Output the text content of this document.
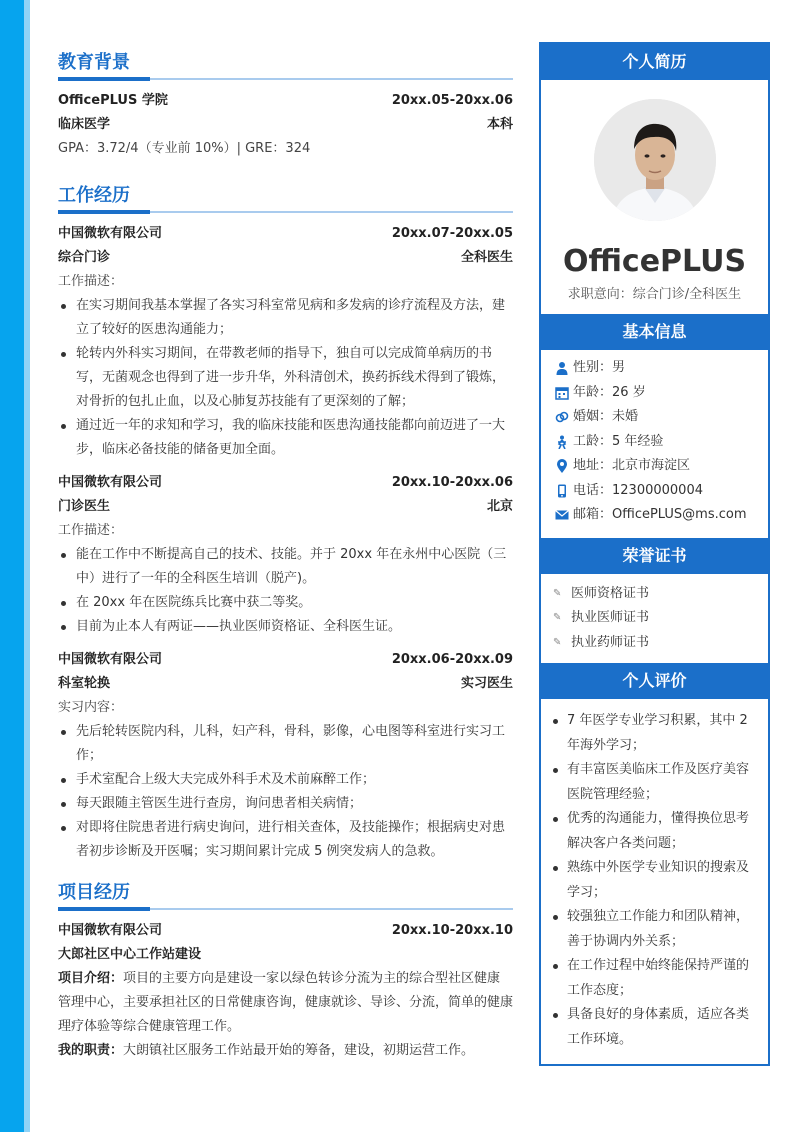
教育背景
OfficePLUS 学院	20xx.05-20xx.06
临床医学	本科
GPA：3.72/4（专业前 10%）| GRE：324
工作经历
中国微软有限公司	20xx.07-20xx.05
综合门诊	全科医生
工作描述：
在实习期间我基本掌握了各实习科室常见病和多发病的诊疗流程及方法，建立了较好的医患沟通能力；
轮转内外科实习期间，在带教老师的指导下，独自可以完成简单病历的书写，无菌观念也得到了进一步升华，外科清创术，换药拆线术得到了锻炼，对骨折的包扎止血，以及心肺复苏技能有了更深刻的了解；
通过近一年的求知和学习，我的临床技能和医患沟通技能都向前迈进了一大步，临床必备技能的储备更加全面。
中国微软有限公司	20xx.10-20xx.06
门诊医生	北京
工作描述：
能在工作中不断提高自己的技术、技能。并于 20xx 年在永州中心医院（三中）进行了一年的全科医生培训（脱产)。
在 20xx 年在医院练兵比赛中获二等奖。
目前为止本人有两证——执业医师资格证、全科医生证。
中国微软有限公司	20xx.06-20xx.09
科室轮换	实习医生
实习内容：
先后轮转医院内科，儿科，妇产科，骨科，影像，心电图等科室进行实习工作；
手术室配合上级大夫完成外科手术及术前麻醉工作；
每天跟随主管医生进行查房，询问患者相关病情；
对即将住院患者进行病史询问，进行相关查体，及技能操作；根据病史对患者初步诊断及开医嘱；实习期间累计完成 5 例突发病人的急救。
项目经历
中国微软有限公司	20xx.10-20xx.10
大郎社区中心工作站建设
项目介绍：项目的主要方向是建设一家以绿色转诊分流为主的综合型社区健康管理中心，主要承担社区的日常健康咨询，健康就诊、导诊、分流，简单的健康理疗体验等综合健康管理工作。
我的职责：大朗镇社区服务工作站最开始的筹备，建设，初期运营工作。
个人简历
OfficePLUS
求职意向：综合门诊/全科医生
基本信息
性别： 男
年龄： 26 岁
婚姻： 未婚
工龄： 5 年经验
地址： 北京市海淀区
电话： 12300000004
邮箱： OfficePLUS@ms.com
荣誉证书
✎ 医师资格证书
✎ 执业医师证书
✎ 执业药师证书
个人评价
7 年医学专业学习积累，其中 2 年海外学习；
有丰富医美临床工作及医疗美容医院管理经验；
优秀的沟通能力，懂得换位思考解决客户各类问题；
熟练中外医学专业知识的搜索及学习；
较强独立工作能力和团队精神，善于协调内外关系；
在工作过程中始终能保持严谨的工作态度；
具备良好的身体素质，适应各类工作环境。
